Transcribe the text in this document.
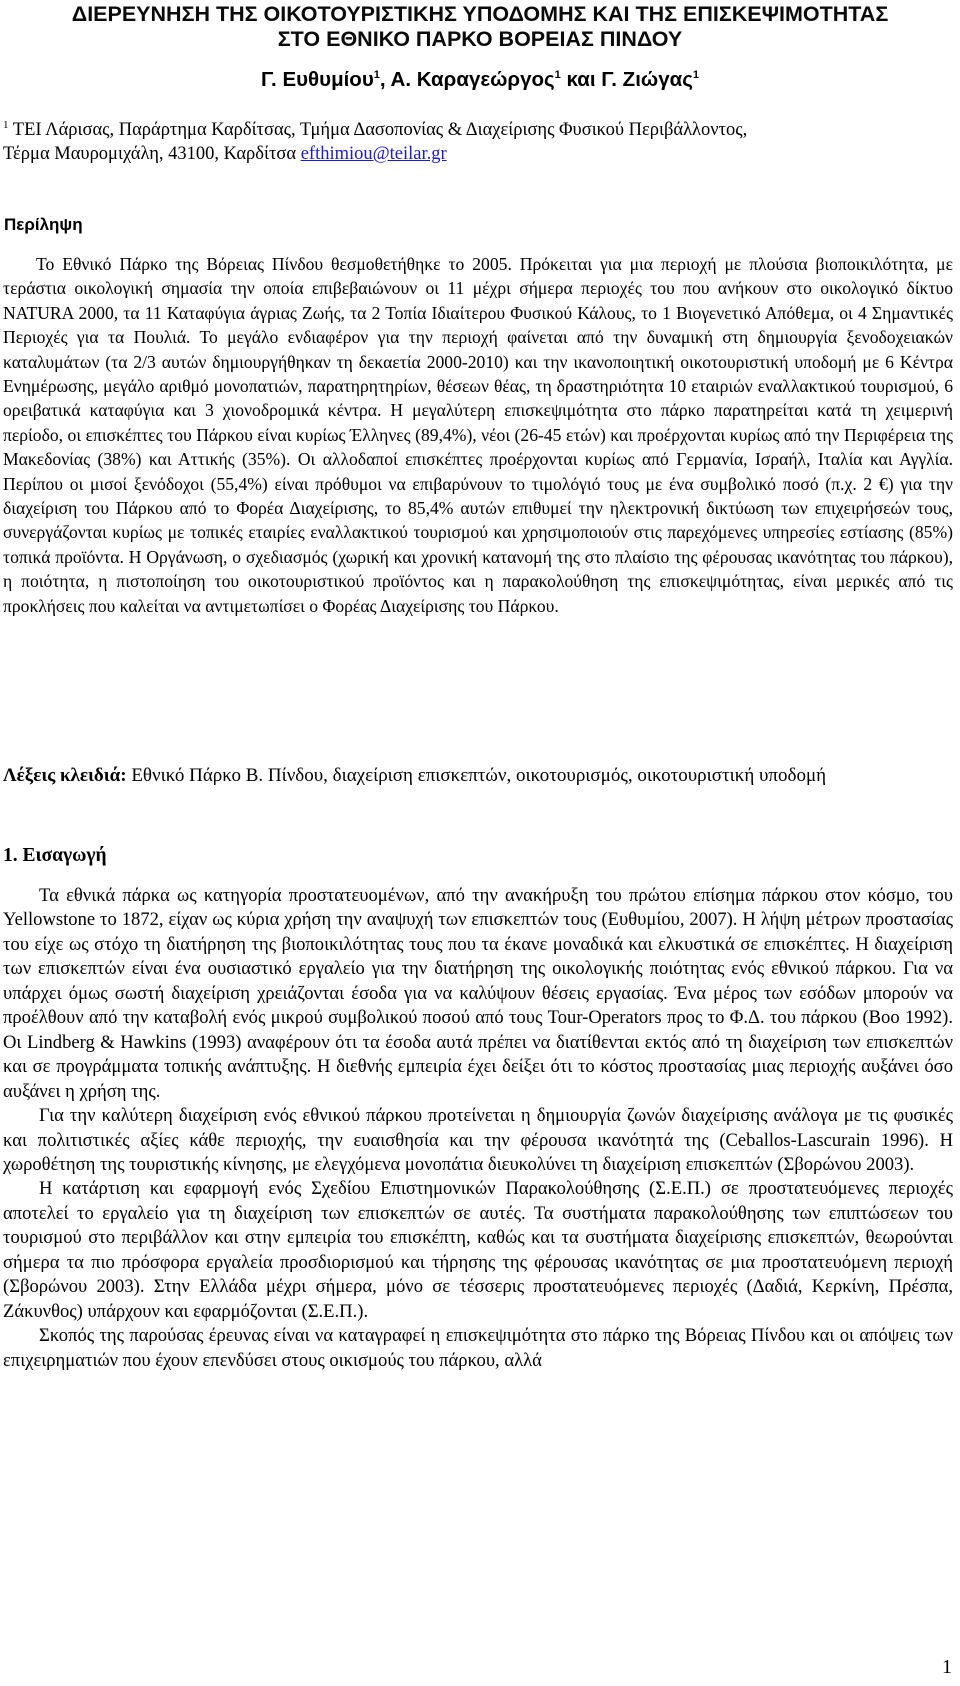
ΔΙΕΡΕΥΝΗΣΗ ΤΗΣ ΟΙΚΟΤΟΥΡΙΣΤΙΚΗΣ ΥΠΟΔΟΜΗΣ ΚΑΙ ΤΗΣ ΕΠΙΣΚΕΨΙΜΟΤΗΤΑΣ
ΣΤΟ ΕΘΝΙΚΟ ΠΑΡΚΟ ΒΟΡΕΙΑΣ ΠΙΝΔΟΥ
Γ. Ευθυμίου$^1$, Α. Καραγεώργος$^1$ και Γ. Ζιώγας$^1$
$^1$ ΤΕΙ Λάρισας, Παράρτημα Καρδίτσας, Τμήμα Δασοπονίας & Διαχείρισης Φυσικού Περιβάλλοντος,
Τέρμα Μαυρομιχάλη, 43100, Καρδίτσα efthimiou@teilar.gr
Περίληψη

Το Εθνικό Πάρκο της Βόρειας Πίνδου θεσμοθετήθηκε το 2005. Πρόκειται για μια περιοχή με πλούσια βιοποικιλότητα, με τεράστια οικολογική σημασία την οποία επιβεβαιώνουν οι 11 μέχρι σήμερα περιοχές του που ανήκουν στο οικολογικό δίκτυο NATURA 2000, τα 11 Καταφύγια άγριας Ζωής, τα 2 Τοπία Ιδιαίτερου Φυσικού Κάλους, το 1 Βιογενετικό Απόθεμα, οι 4 Σημαντικές Περιοχές για τα Πουλιά. Το μεγάλο ενδιαφέρον για την περιοχή φαίνεται από την δυναμική στη δημιουργία ξενοδοχειακών καταλυμάτων (τα 2/3 αυτών δημιουργήθηκαν τη δεκαετία 2000-2010) και την ικανοποιητική οικοτουριστική υποδομή με 6 Κέντρα Ενημέρωσης, μεγάλο αριθμό μονοπατιών, παρατηρητηρίων, θέσεων θέας, τη δραστηριότητα 10 εταιριών εναλλακτικού τουρισμού, 6 ορειβατικά καταφύγια και 3 χιονοδρομικά κέντρα. Η μεγαλύτερη επισκεψιμότητα στο πάρκο παρατηρείται κατά τη χειμερινή περίοδο, οι επισκέπτες του Πάρκου είναι κυρίως Έλληνες (89,4%), νέοι (26-45 ετών) και προέρχονται κυρίως από την Περιφέρεια της Μακεδονίας (38%) και Αττικής (35%). Οι αλλοδαποί επισκέπτες προέρχονται κυρίως από Γερμανία, Ισραήλ, Ιταλία και Αγγλία. Περίπου οι μισοί ξενόδοχοι (55,4%) είναι πρόθυμοι να επιβαρύνουν το τιμολόγιό τους με ένα συμβολικό ποσό (π.χ. 2 €) για την διαχείριση του Πάρκου από το Φορέα Διαχείρισης, το 85,4% αυτών επιθυμεί την ηλεκτρονική δικτύωση των επιχειρήσεών τους, συνεργάζονται κυρίως με τοπικές εταιρίες εναλλακτικού τουρισμού και χρησιμοποιούν στις παρεχόμενες υπηρεσίες εστίασης (85%) τοπικά προϊόντα. Η Οργάνωση, ο σχεδιασμός (χωρική και χρονική κατανομή της στο πλαίσιο της φέρουσας ικανότητας του πάρκου), η ποιότητα, η πιστοποίηση του οικοτουριστικού προϊόντος και η παρακολούθηση της επισκεψιμότητας, είναι μερικές από τις προκλήσεις που καλείται να αντιμετωπίσει ο Φορέας Διαχείρισης του Πάρκου.

Λέξεις κλειδιά: Εθνικό Πάρκο Β. Πίνδου, διαχείριση επισκεπτών, οικοτουρισμός, οικοτουριστική υποδομή

1. Εισαγωγή

Τα εθνικά πάρκα ως κατηγορία προστατευομένων, από την ανακήρυξη του πρώτου επίσημα πάρκου στον κόσμο, του Yellowstone το 1872, είχαν ως κύρια χρήση την αναψυχή των επισκεπτών τους (Ευθυμίου, 2007). Η λήψη μέτρων προστασίας του είχε ως στόχο τη διατήρηση της βιοποικιλότητας τους που τα έκανε μοναδικά και ελκυστικά σε επισκέπτες. Η διαχείριση των επισκεπτών είναι ένα ουσιαστικό εργαλείο για την διατήρηση της οικολογικής ποιότητας ενός εθνικού πάρκου. Για να υπάρχει όμως σωστή διαχείριση χρειάζονται έσοδα για να καλύψουν θέσεις εργασίας. Ένα μέρος των εσόδων μπορούν να προέλθουν από την καταβολή ενός μικρού συμβολικού ποσού από τους Tour-Operators προς το Φ.Δ. του πάρκου (Boo 1992). Οι Lindberg & Hawkins (1993) αναφέρουν ότι τα έσοδα αυτά πρέπει να διατίθενται εκτός από τη διαχείριση των επισκεπτών και σε προγράμματα τοπικής ανάπτυξης. Η διεθνής εμπειρία έχει δείξει ότι το κόστος προστασίας μιας περιοχής αυξάνει όσο αυξάνει η χρήση της.

Για την καλύτερη διαχείριση ενός εθνικού πάρκου προτείνεται η δημιουργία ζωνών διαχείρισης ανάλογα με τις φυσικές και πολιτιστικές αξίες κάθε περιοχής, την ευαισθησία και την φέρουσα ικανότητά της (Ceballos-Lascurain 1996). Η χωροθέτηση της τουριστικής κίνησης, με ελεγχόμενα μονοπάτια διευκολύνει τη διαχείριση επισκεπτών (Σβορώνου 2003).

Η κατάρτιση και εφαρμογή ενός Σχεδίου Επιστημονικών Παρακολούθησης (Σ.Ε.Π.) σε προστατευόμενες περιοχές αποτελεί το εργαλείο για τη διαχείριση των επισκεπτών σε αυτές. Τα συστήματα παρακολούθησης των επιπτώσεων του τουρισμού στο περιβάλλον και στην εμπειρία του επισκέπτη, καθώς και τα συστήματα διαχείρισης επισκεπτών, θεωρούνται σήμερα τα πιο πρόσφορα εργαλεία προσδιορισμού και τήρησης της φέρουσας ικανότητας σε μια προστατευόμενη περιοχή (Σβορώνου 2003). Στην Ελλάδα μέχρι σήμερα, μόνο σε τέσσερις προστατευόμενες περιοχές (Δαδιά, Κερκίνη, Πρέσπα, Ζάκυνθος) υπάρχουν και εφαρμόζονται (Σ.Ε.Π.).

Σκοπός της παρούσας έρευνας είναι να καταγραφεί η επισκεψιμότητα στο πάρκο της Βόρειας Πίνδου και οι απόψεις των επιχειρηματιών που έχουν επενδύσει στους οικισμούς του πάρκου, αλλά

1
